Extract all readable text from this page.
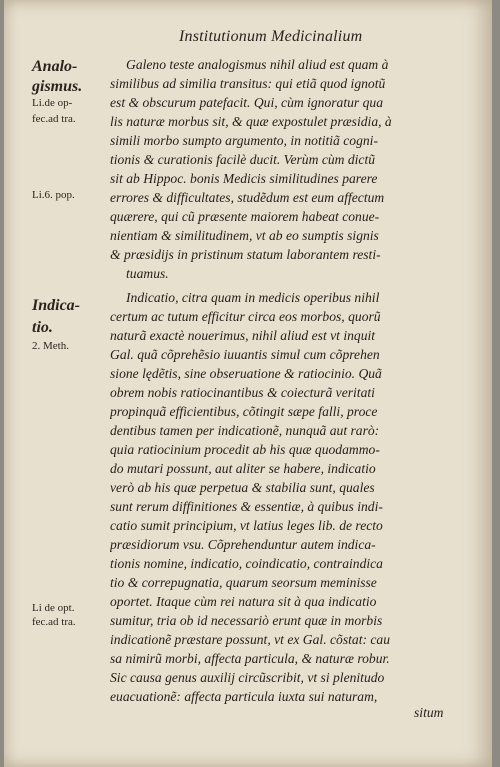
Institutionum Medicinalium
Analo-
gismus.
Li.de op-
fec.ad tra.
Li.6. pop.
Indica-
tio.
2. Meth.
Li de opt.
fec.ad tra.
Galeno teste analogismus nihil aliud est quam à
similibus ad similia transitus: qui etiã quod ignotũ
est & obscurum patefacit. Qui, cùm ignoratur qua
lis naturæ morbus sit, & quæ expostulet præsidia, à
simili morbo sumpto argumento, in notitiã cogni-
tionis & curationis facilè ducit. Verùm cùm dictũ
sit ab Hippoc. bonis Medicis similitudines parere
errores & difficultates, studẽdum est eum affectum
quærere, qui cũ præsente maiorem habeat conue-
nientiam & similitudinem, vt ab eo sumptis signis
& præsidijs in pristinum statum laborantem resti-
tuamus.
Indicatio, citra quam in medicis operibus nihil
certum ac tutum efficitur circa eos morbos, quorũ
naturã exactè nouerimus, nihil aliud est vt inquit
Gal. quã cõprehẽsio iuuantis simul cum cõprehen
sione lędẽtis, sine obseruatione & ratiocinio. Quã
obrem nobis ratiocinantibus & coiecturã veritati
propinquã efficientibus, cõtingit sæpe falli, proce
dentibus tamen per indicationẽ, nunquã aut rarò:
quia ratiocinium procedit ab his quæ quodammo-
do mutari possunt, aut aliter se habere, indicatio
verò ab his quæ perpetua & stabilia sunt, quales
sunt rerum diffinitiones & essentiæ, à quibus indi-
catio sumit principium, vt latius leges lib. de recto
præsidiorum vsu. Cõprehenduntur autem indica-
tionis nomine, indicatio, coindicatio, contraindica
tio & correpugnatia, quarum seorsum meminisse
oportet. Itaque cùm rei natura sit à qua indicatio
sumitur, tria ob id necessariò erunt quæ in morbis
indicationẽ præstare possunt, vt ex Gal. cõstat: cau
sa nimirũ morbi, affecta particula, & naturæ robur.
Sic causa genus auxilij circũscribit, vt si plenitudo
euacuationẽ: affecta particula iuxta sui naturam,
situm
